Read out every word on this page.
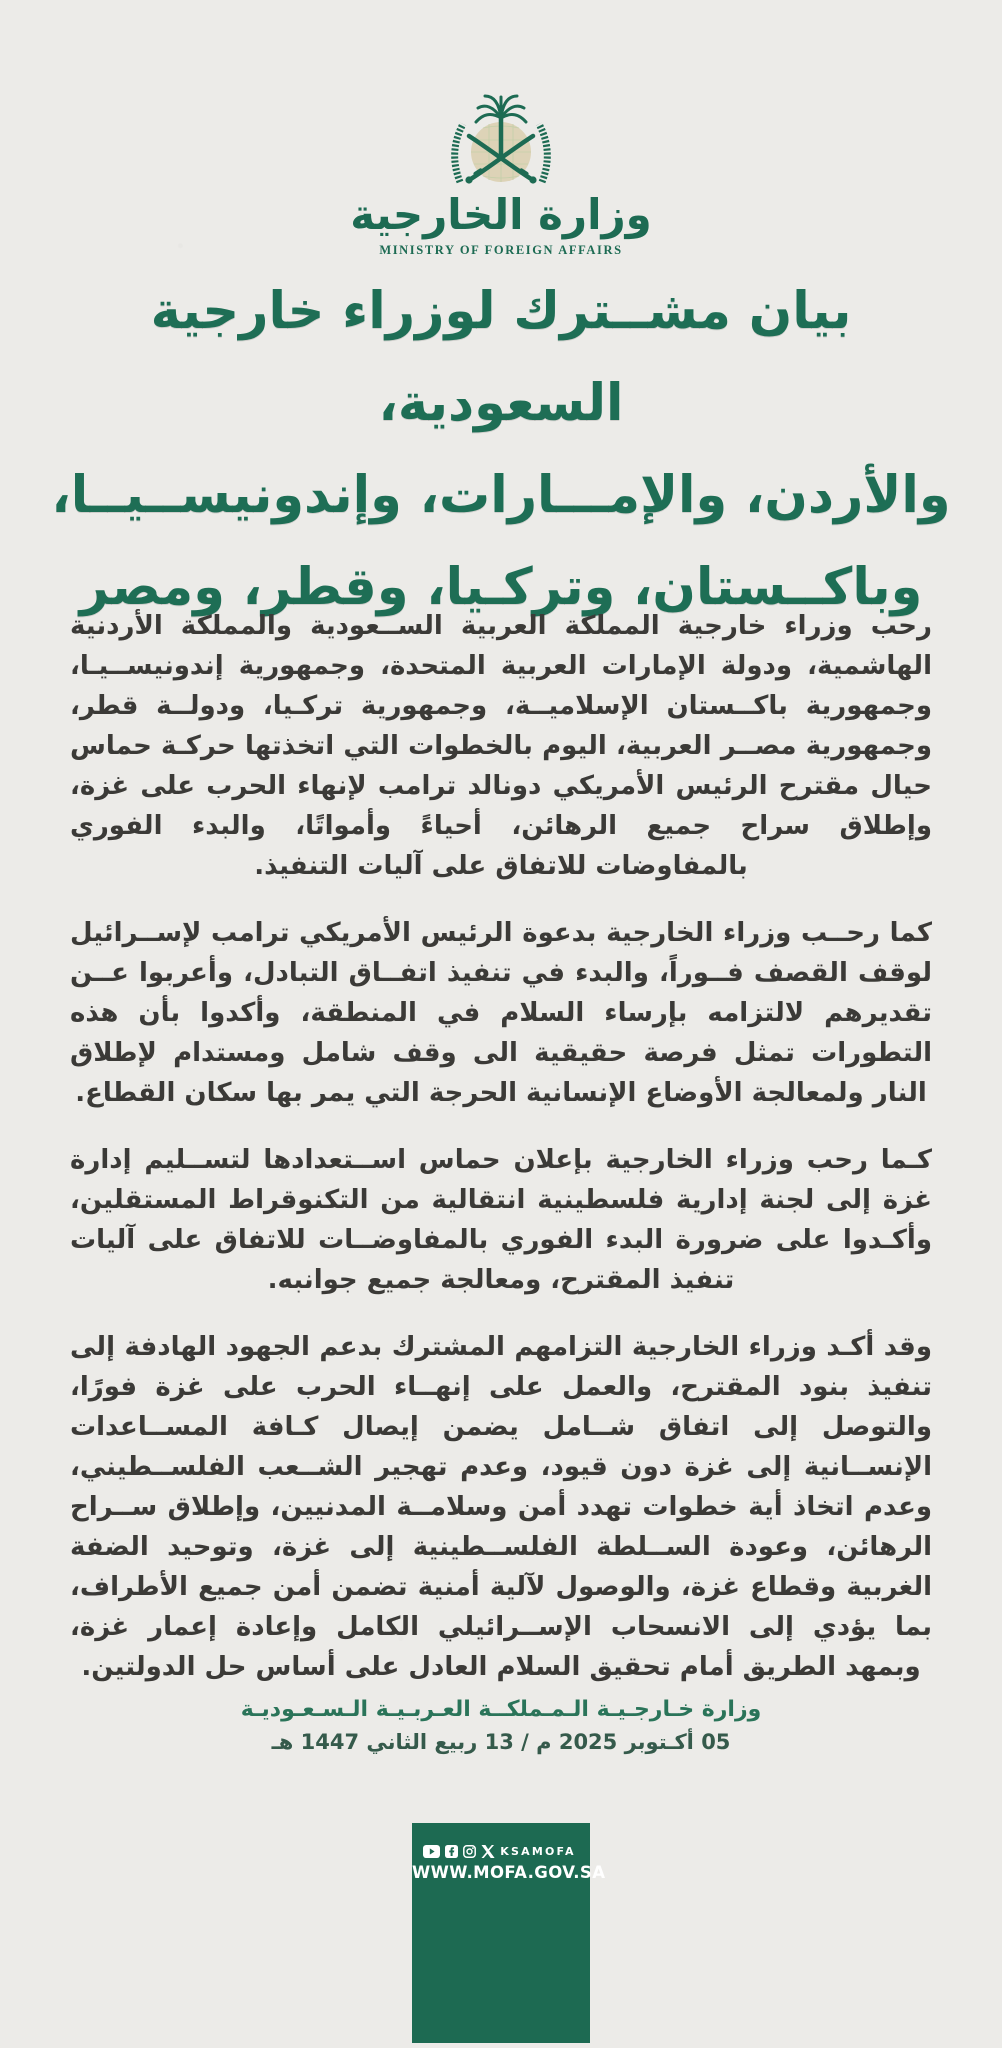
وزارة الخارجية
MINISTRY OF FOREIGN AFFAIRS
بيان مشــترك لوزراء خارجية السعودية،
والأردن، والإمـــارات، وإندونيســيــا،
وباكــستان، وتركـيا، وقطر، ومصر

رحب وزراء خارجية المملكة العربية الســعودية والمملكة الأردنية الهاشمية، ودولة الإمارات العربية المتحدة، وجمهورية إندونيســيـا، وجمهورية باكــستان الإسلاميــة، وجمهورية تركـيا، ودولــة قطر، وجمهورية مصــر العربية، اليوم بالخطوات التي اتخذتها حركـة حماس حيال مقترح الرئيس الأمريكي دونالد ترامب لإنهاء الحرب على غزة، وإطلاق سراح جميع الرهائن، أحياءً وأمواتًا، والبدء الفوري بالمفاوضات للاتفاق على آليات التنفيذ.

كما رحــب وزراء الخارجية بدعوة الرئيس الأمريكي ترامب لإســرائيل لوقف القصف فــوراً، والبدء في تنفيذ اتفــاق التبادل، وأعربوا عــن تقديرهم لالتزامه بإرساء السلام في المنطقة، وأكدوا بأن هذه التطورات تمثل فرصة حقيقية الى وقف شامل ومستدام لإطلاق النار ولمعالجة الأوضاع الإنسانية الحرجة التي يمر بها سكان القطاع.

كـما رحب وزراء الخارجية بإعلان حماس اســتعدادها لتســليم إدارة غزة إلى لجنة إدارية فلسطينية انتقالية من التكنوقراط المستقلين، وأكـدوا على ضرورة البدء الفوري بالمفاوضــات للاتفاق على آليات تنفيذ المقترح، ومعالجة جميع جوانبه.

وقد أكـد وزراء الخارجية التزامهم المشترك بدعم الجهود الهادفة إلى تنفيذ بنود المقترح، والعمل على إنهــاء الحرب على غزة فورًا، والتوصل إلى اتفاق شــامل يضمن إيصال كـافة المســاعدات الإنســانية إلى غزة دون قيود، وعدم تهجير الشــعب الفلســطيني، وعدم اتخاذ أية خطوات تهدد أمن وسلامــة المدنيين، وإطلاق ســراح الرهائن، وعودة الســلطة الفلســطينية إلى غزة، وتوحيد الضفة الغربية وقطاع غزة، والوصول لآلية أمنية تضمن أمن جميع الأطراف، بما يؤدي إلى الانسحاب الإســرائيلي الكامل وإعادة إعمار غزة، وبمهد الطريق أمام تحقيق السلام العادل على أساس حل الدولتين.

وزارة خـارجـيـة الـمـملكــة العـربـيـة الـسـعـوديـة
05 أكـتوبر 2025 م / 13 ربيع الثاني 1447 هـ
KSAMOFA
WWW.MOFA.GOV.SA
